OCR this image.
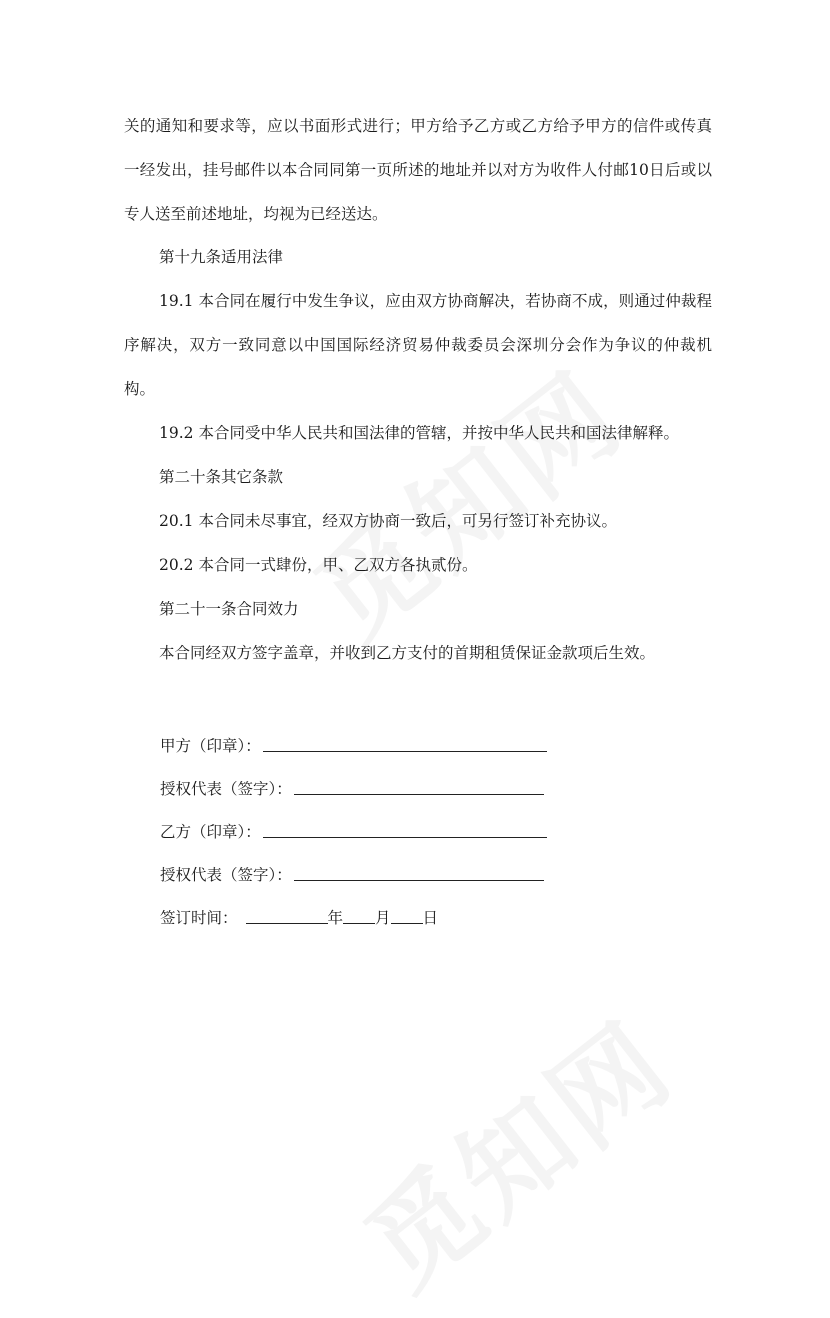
关的通知和要求等，应以书面形式进行；甲方给予乙方或乙方给予甲方的信件或传真一经发出，挂号邮件以本合同同第一页所述的地址并以对方为收件人付邮10日后或以专人送至前述地址，均视为已经送达。

第十九条适用法律

19.1 本合同在履行中发生争议，应由双方协商解决，若协商不成，则通过仲裁程序解决，双方一致同意以中国国际经济贸易仲裁委员会深圳分会作为争议的仲裁机构。

19.2 本合同受中华人民共和国法律的管辖，并按中华人民共和国法律解释。

第二十条其它条款

20.1 本合同未尽事宜，经双方协商一致后，可另行签订补充协议。

20.2 本合同一式肆份，甲、乙双方各执贰份。

第二十一条合同效力

本合同经双方签字盖章，并收到乙方支付的首期租赁保证金款项后生效。

甲方（印章）：
授权代表（签字）：
乙方（印章）：
授权代表（签字）：
签订时间：	年 月 日
